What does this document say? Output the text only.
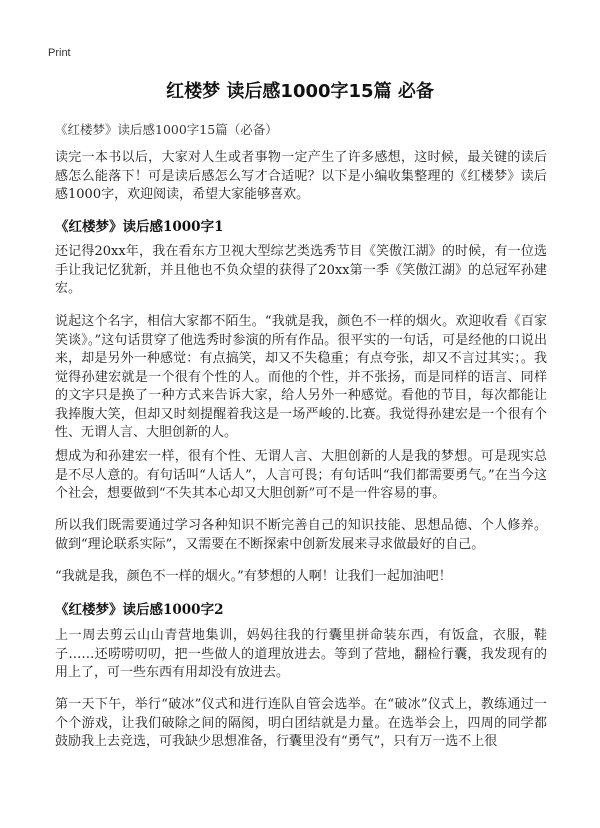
Print
红楼梦 读后感1000字15篇 必备
《红楼梦》读后感1000字15篇（必备）

读完一本书以后，大家对人生或者事物一定产生了许多感想，这时候，最关键的读后感怎么能落下！可是读后感怎么写才合适呢？以下是小编收集整理的《红楼梦》读后感1000字，欢迎阅读，希望大家能够喜欢。

《红楼梦》读后感1000字1

还记得20xx年，我在看东方卫视大型综艺类选秀节目《笑傲江湖》的时候，有一位选手让我记忆犹新，并且他也不负众望的获得了20xx第一季《笑傲江湖》的总冠军孙建宏。

说起这个名字，相信大家都不陌生。“我就是我，颜色不一样的烟火。欢迎收看《百家笑谈》。”这句话贯穿了他选秀时参演的所有作品。很平实的一句话，可是经他的口说出来，却是另外一种感觉：有点搞笑，却又不失稳重；有点夸张，却又不言过其实；。我觉得孙建宏就是一个很有个性的人。而他的个性，并不张扬，而是同样的语言、同样的文字只是换了一种方式来告诉大家，给人另外一种感觉。看他的节目，每次都能让我捧腹大笑，但却又时刻提醒着我这是一场严峻的.比赛。我觉得孙建宏是一个很有个性、无谓人言、大胆创新的人。

想成为和孙建宏一样，很有个性、无谓人言、大胆创新的人是我的梦想。可是现实总是不尽人意的。有句话叫“人话人”，人言可畏；有句话叫“我们都需要勇气。”在当今这个社会，想要做到“不失其本心却又大胆创新”可不是一件容易的事。

所以我们既需要通过学习各种知识不断完善自己的知识技能、思想品德、个人修养。做到“理论联系实际”，又需要在不断探索中创新发展来寻求做最好的自己。

“我就是我，颜色不一样的烟火。”有梦想的人啊！让我们一起加油吧！

《红楼梦》读后感1000字2

上一周去剪云山山青营地集训，妈妈往我的行囊里拼命装东西，有饭盒，衣服，鞋子……还唠唠叨叨，把一些做人的道理放进去。等到了营地，翻检行囊，我发现有的用上了，可一些东西有用却没有放进去。

第一天下午，举行“破冰”仪式和进行连队自管会选举。在“破冰”仪式上，教练通过一个个游戏，让我们破除之间的隔阂，明白团结就是力量。在选举会上，四周的同学都鼓励我上去竞选，可我缺少思想准备，行囊里没有“勇气”，只有万一选不上很
